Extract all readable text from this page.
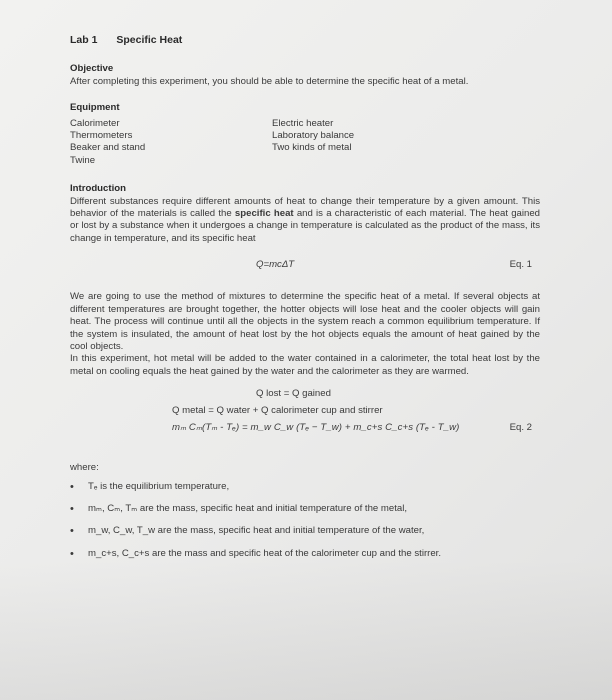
Lab 1 Specific Heat
Objective
After completing this experiment, you should be able to determine the specific heat of a metal.
Equipment
Calorimeter
Thermometers
Beaker and stand
Twine
Electric heater
Laboratory balance
Two kinds of metal
Introduction

Different substances require different amounts of heat to change their temperature by a given amount. This behavior of the materials is called the specific heat and is a characteristic of each material. The heat gained or lost by a substance when it undergoes a change in temperature is calculated as the product of the mass, its change in temperature, and its specific heat

Q=mcΔT	Eq. 1

We are going to use the method of mixtures to determine the specific heat of a metal. If several objects at different temperatures are brought together, the hotter objects will lose heat and the cooler objects will gain heat. The process will continue until all the objects in the system reach a common equilibrium temperature. If the system is insulated, the amount of heat lost by the hot objects equals the amount of heat gained by the cool objects.

In this experiment, hot metal will be added to the water contained in a calorimeter, the total heat lost by the metal on cooling equals the heat gained by the water and the calorimeter as they are warmed.

Q lost = Q gained
Q metal = Q water + Q calorimeter cup and stirrer
mₘ Cₘ(Tₘ - Tₑ) = m_w C_w (Tₑ − T_w) + m_c+s C_c+s (Tₑ - T_w)	Eq. 2
where:
• Tₑ is the equilibrium temperature,
• mₘ, Cₘ, Tₘ are the mass, specific heat and initial temperature of the metal,
• m_w, C_w, T_w are the mass, specific heat and initial temperature of the water,
• m_c+s, C_c+s are the mass and specific heat of the calorimeter cup and the stirrer.
